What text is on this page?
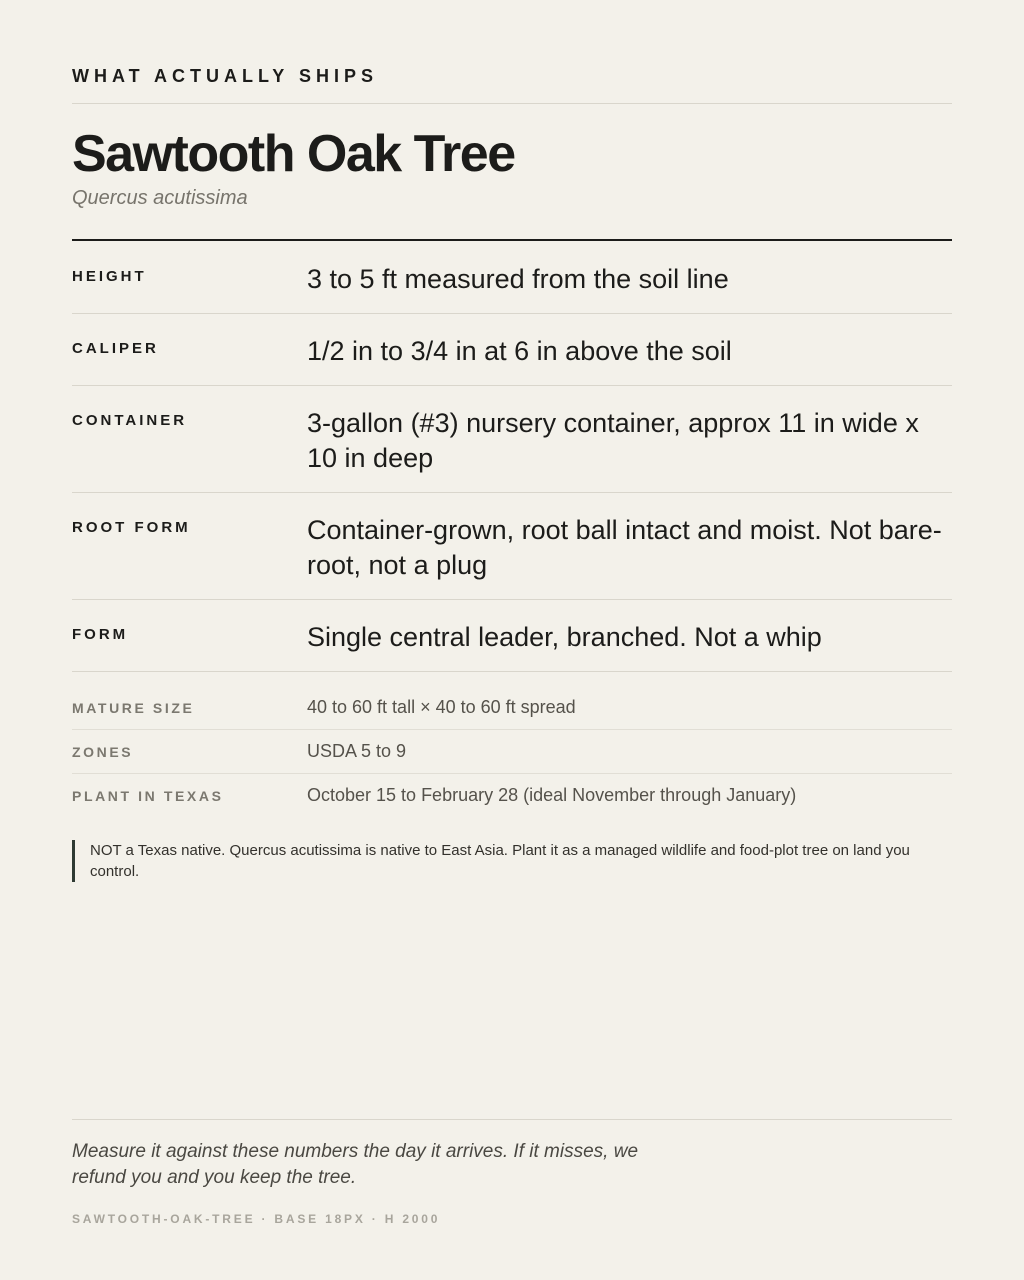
WHAT ACTUALLY SHIPS
Sawtooth Oak Tree
Quercus acutissima
HEIGHT	3 to 5 ft measured from the soil line
CALIPER	1/2 in to 3/4 in at 6 in above the soil
CONTAINER	3-gallon (#3) nursery container, approx 11 in wide x 10 in deep
ROOT FORM	Container-grown, root ball intact and moist. Not bare-root, not a plug
FORM	Single central leader, branched. Not a whip
MATURE SIZE	40 to 60 ft tall × 40 to 60 ft spread
ZONES	USDA 5 to 9
PLANT IN TEXAS	October 15 to February 28 (ideal November through January)
NOT a Texas native. Quercus acutissima is native to East Asia. Plant it as a managed wildlife and food-plot tree on land you control.
Measure it against these numbers the day it arrives. If it misses, we refund you and you keep the tree.
SAWTOOTH-OAK-TREE · BASE 18PX · H 2000
